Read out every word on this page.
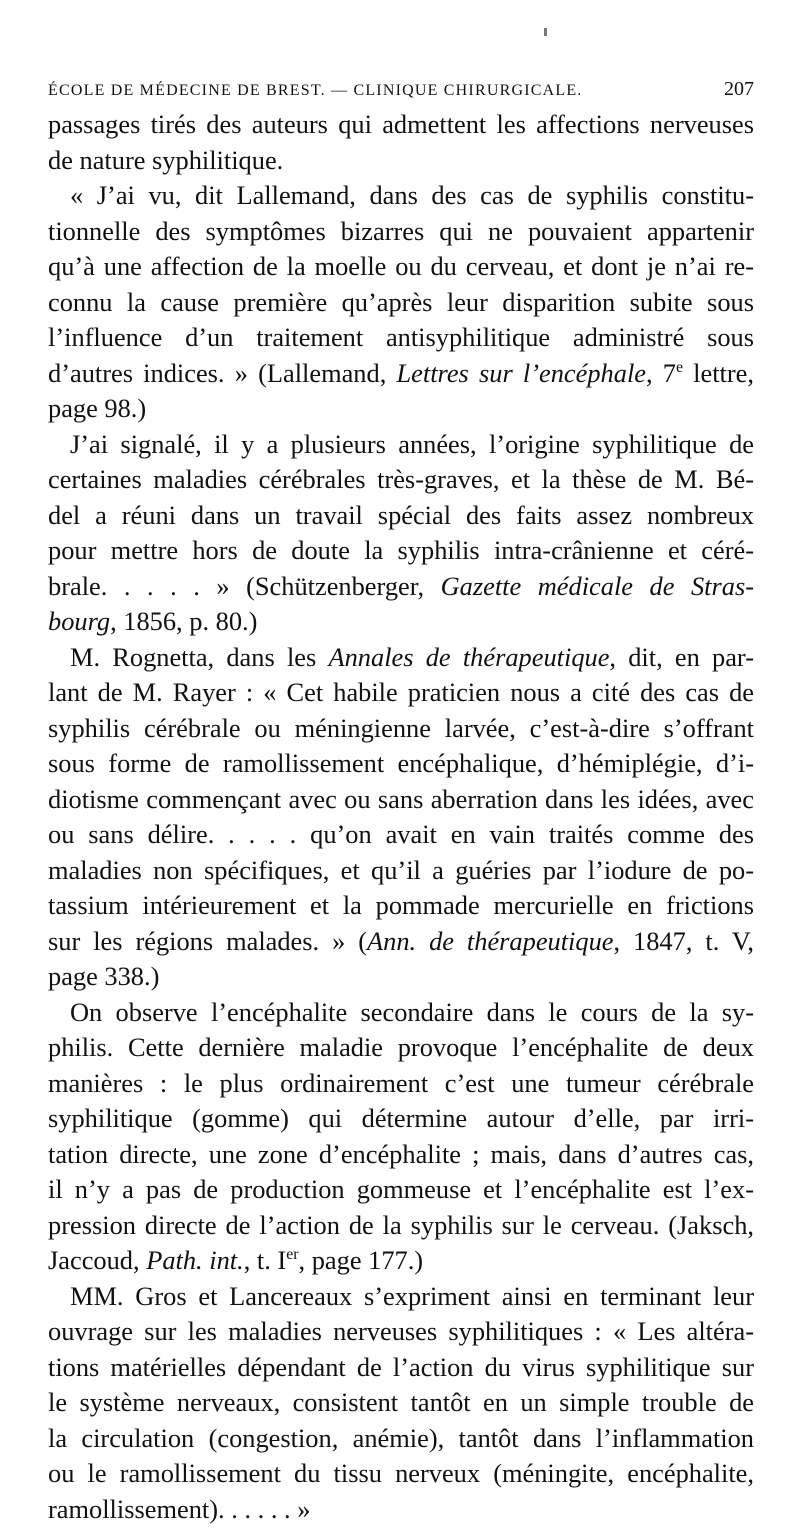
ÉCOLE DE MÉDECINE DE BREST. — CLINIQUE CHIRURGICALE.	207
passages tirés des auteurs qui admettent les affections nerveuses
de nature syphilitique.
« J’ai vu, dit Lallemand, dans des cas de syphilis constitu-
tionnelle des symptômes bizarres qui ne pouvaient appartenir
qu’à une affection de la moelle ou du cerveau, et dont je n’ai re-
connu la cause première qu’après leur disparition subite sous
l’influence d’un traitement antisyphilitique administré sous
d’autres indices. » (Lallemand, Lettres sur l’encéphale, 7e lettre,
page 98.)
J’ai signalé, il y a plusieurs années, l’origine syphilitique de
certaines maladies cérébrales très-graves, et la thèse de M. Bé-
del a réuni dans un travail spécial des faits assez nombreux
pour mettre hors de doute la syphilis intra-crânienne et céré-
brale. . . . . » (Schützenberger, Gazette médicale de Stras-
bourg, 1856, p. 80.)
M. Rognetta, dans les Annales de thérapeutique, dit, en par-
lant de M. Rayer : « Cet habile praticien nous a cité des cas de
syphilis cérébrale ou méningienne larvée, c’est-à-dire s’offrant
sous forme de ramollissement encéphalique, d’hémiplégie, d’i-
diotisme commençant avec ou sans aberration dans les idées, avec
ou sans délire. . . . . qu’on avait en vain traités comme des
maladies non spécifiques, et qu’il a guéries par l’iodure de po-
tassium intérieurement et la pommade mercurielle en frictions
sur les régions malades. » (Ann. de thérapeutique, 1847, t. V,
page 338.)
On observe l’encéphalite secondaire dans le cours de la sy-
philis. Cette dernière maladie provoque l’encéphalite de deux
manières : le plus ordinairement c’est une tumeur cérébrale
syphilitique (gomme) qui détermine autour d’elle, par irri-
tation directe, une zone d’encéphalite ; mais, dans d’autres cas,
il n’y a pas de production gommeuse et l’encéphalite est l’ex-
pression directe de l’action de la syphilis sur le cerveau. (Jaksch,
Jaccoud, Path. int., t. Ier, page 177.)
MM. Gros et Lancereaux s’expriment ainsi en terminant leur
ouvrage sur les maladies nerveuses syphilitiques : « Les altéra-
tions matérielles dépendant de l’action du virus syphilitique sur
le système nerveaux, consistent tantôt en un simple trouble de
la circulation (congestion, anémie), tantôt dans l’inflammation
ou le ramollissement du tissu nerveux (méningite, encéphalite,
ramollissement). . . . . . »
